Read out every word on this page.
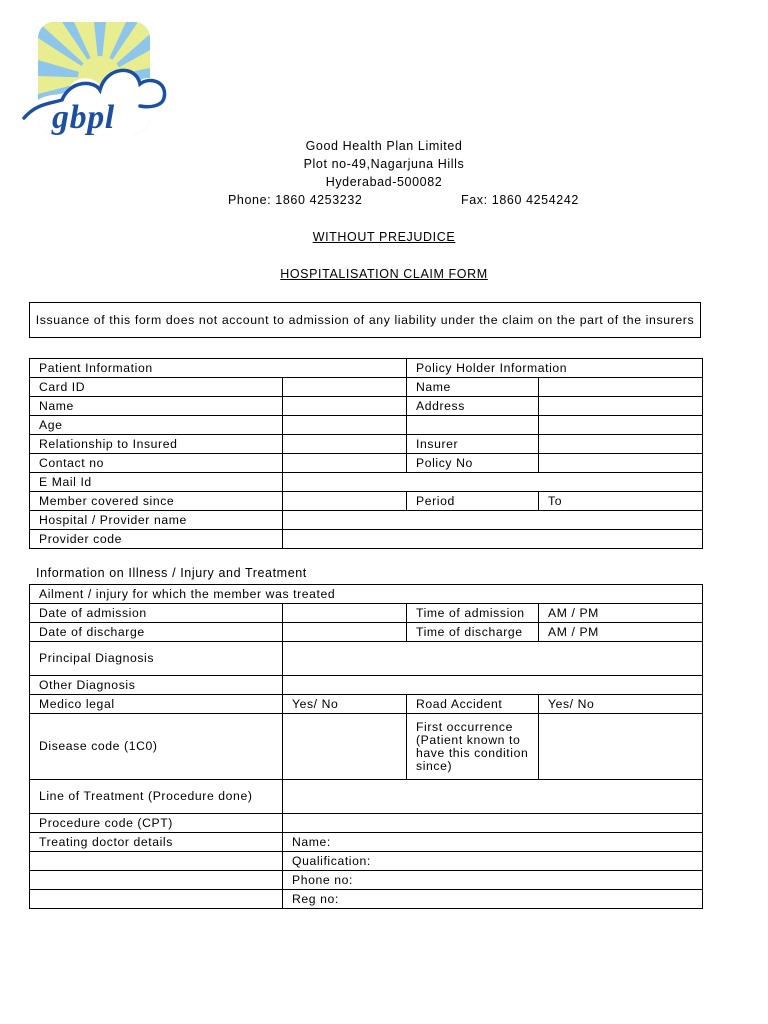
gbpl
Good Health Plan Limited
Plot no-49,Nagarjuna Hills
Hyderabad-500082
Phone: 1860 4253232	Fax: 1860 4254242
WITHOUT PREJUDICE
HOSPITALISATION CLAIM FORM
Issuance of this form does not account to admission of any liability under the claim on the part of the insurers
Patient Information		Policy Holder Information	
Card ID		Name	
Name		Address	
Age			
Relationship to Insured		Insurer	
Contact no		Policy No	
E Mail Id			
Member covered since		Period	To
Hospital / Provider name			
Provider code			
Information on Illness / Injury and Treatment
Ailment / injury for which the member was treated			
Date of admission		Time of admission	AM / PM
Date of discharge		Time of discharge	AM / PM
Principal Diagnosis			
Other Diagnosis			
Medico legal	Yes/ No	Road Accident	Yes/ No
Disease code (1C0)		First occurrence (Patient known to have this condition since)	
Line of Treatment (Procedure done)			
Procedure code (CPT)			
Treating doctor details	Name:		
	Qualification:		
	Phone no:		
	Reg no:		
